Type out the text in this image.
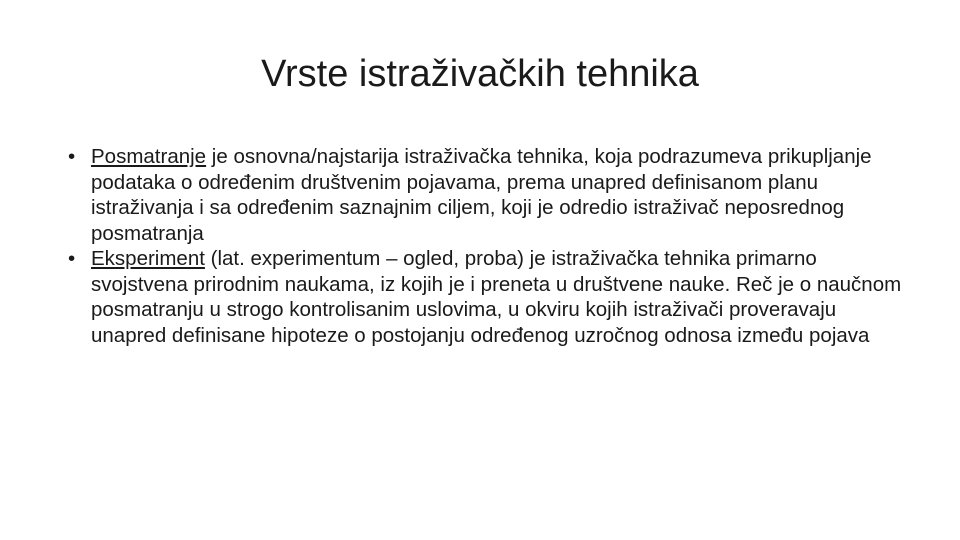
Vrste istraživačkih tehnika
• Posmatranje je osnovna/najstarija istraživačka tehnika, koja podrazumeva prikupljanje podataka o određenim društvenim pojavama, prema unapred definisanom planu istraživanja i sa određenim saznajnim ciljem, koji je odredio istraživač neposrednog posmatranja
• Eksperiment (lat. experimentum – ogled, proba) je istraživačka tehnika primarno svojstvena prirodnim naukama, iz kojih je i preneta u društvene nauke. Reč je o naučnom posmatranju u strogo kontrolisanim uslovima, u okviru kojih istraživači proveravaju unapred definisane hipoteze o postojanju određenog uzročnog odnosa između pojava
